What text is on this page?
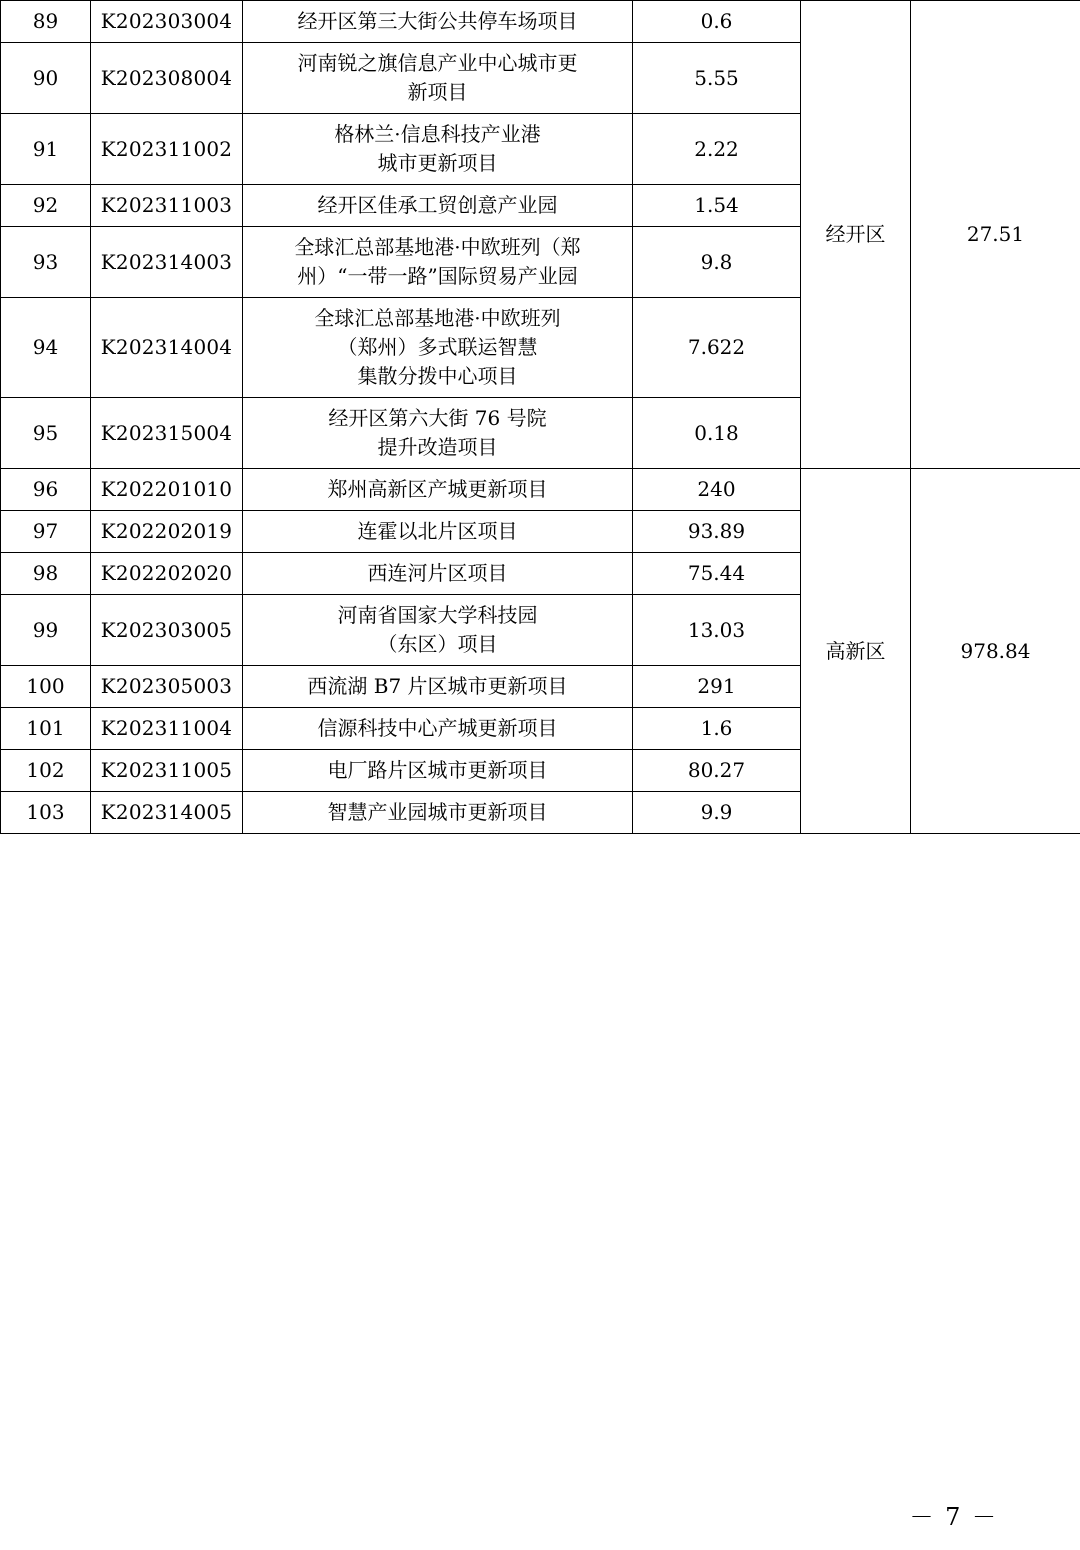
89	K202303004	经开区第三大街公共停车场项目	0.6	经开区	27.51
90	K202308004	河南锐之旗信息产业中心城市更
新项目	5.55		
91	K202311002	格林兰·信息科技产业港
城市更新项目	2.22		
92	K202311003	经开区佳承工贸创意产业园	1.54		
93	K202314003	全球汇总部基地港·中欧班列（郑
州）“一带一路”国际贸易产业园	9.8		
94	K202314004	全球汇总部基地港·中欧班列
（郑州）多式联运智慧
集散分拨中心项目	7.622		
95	K202315004	经开区第六大街 76 号院
提升改造项目	0.18		
96	K202201010	郑州高新区产城更新项目	240	高新区	978.84
97	K202202019	连霍以北片区项目	93.89		
98	K202202020	西连河片区项目	75.44		
99	K202303005	河南省国家大学科技园
（东区）项目	13.03		
100	K202305003	西流湖 B7 片区城市更新项目	291		
101	K202311004	信源科技中心产城更新项目	1.6		
102	K202311005	电厂路片区城市更新项目	80.27		
103	K202314005	智慧产业园城市更新项目	9.9		
－ 7 －
